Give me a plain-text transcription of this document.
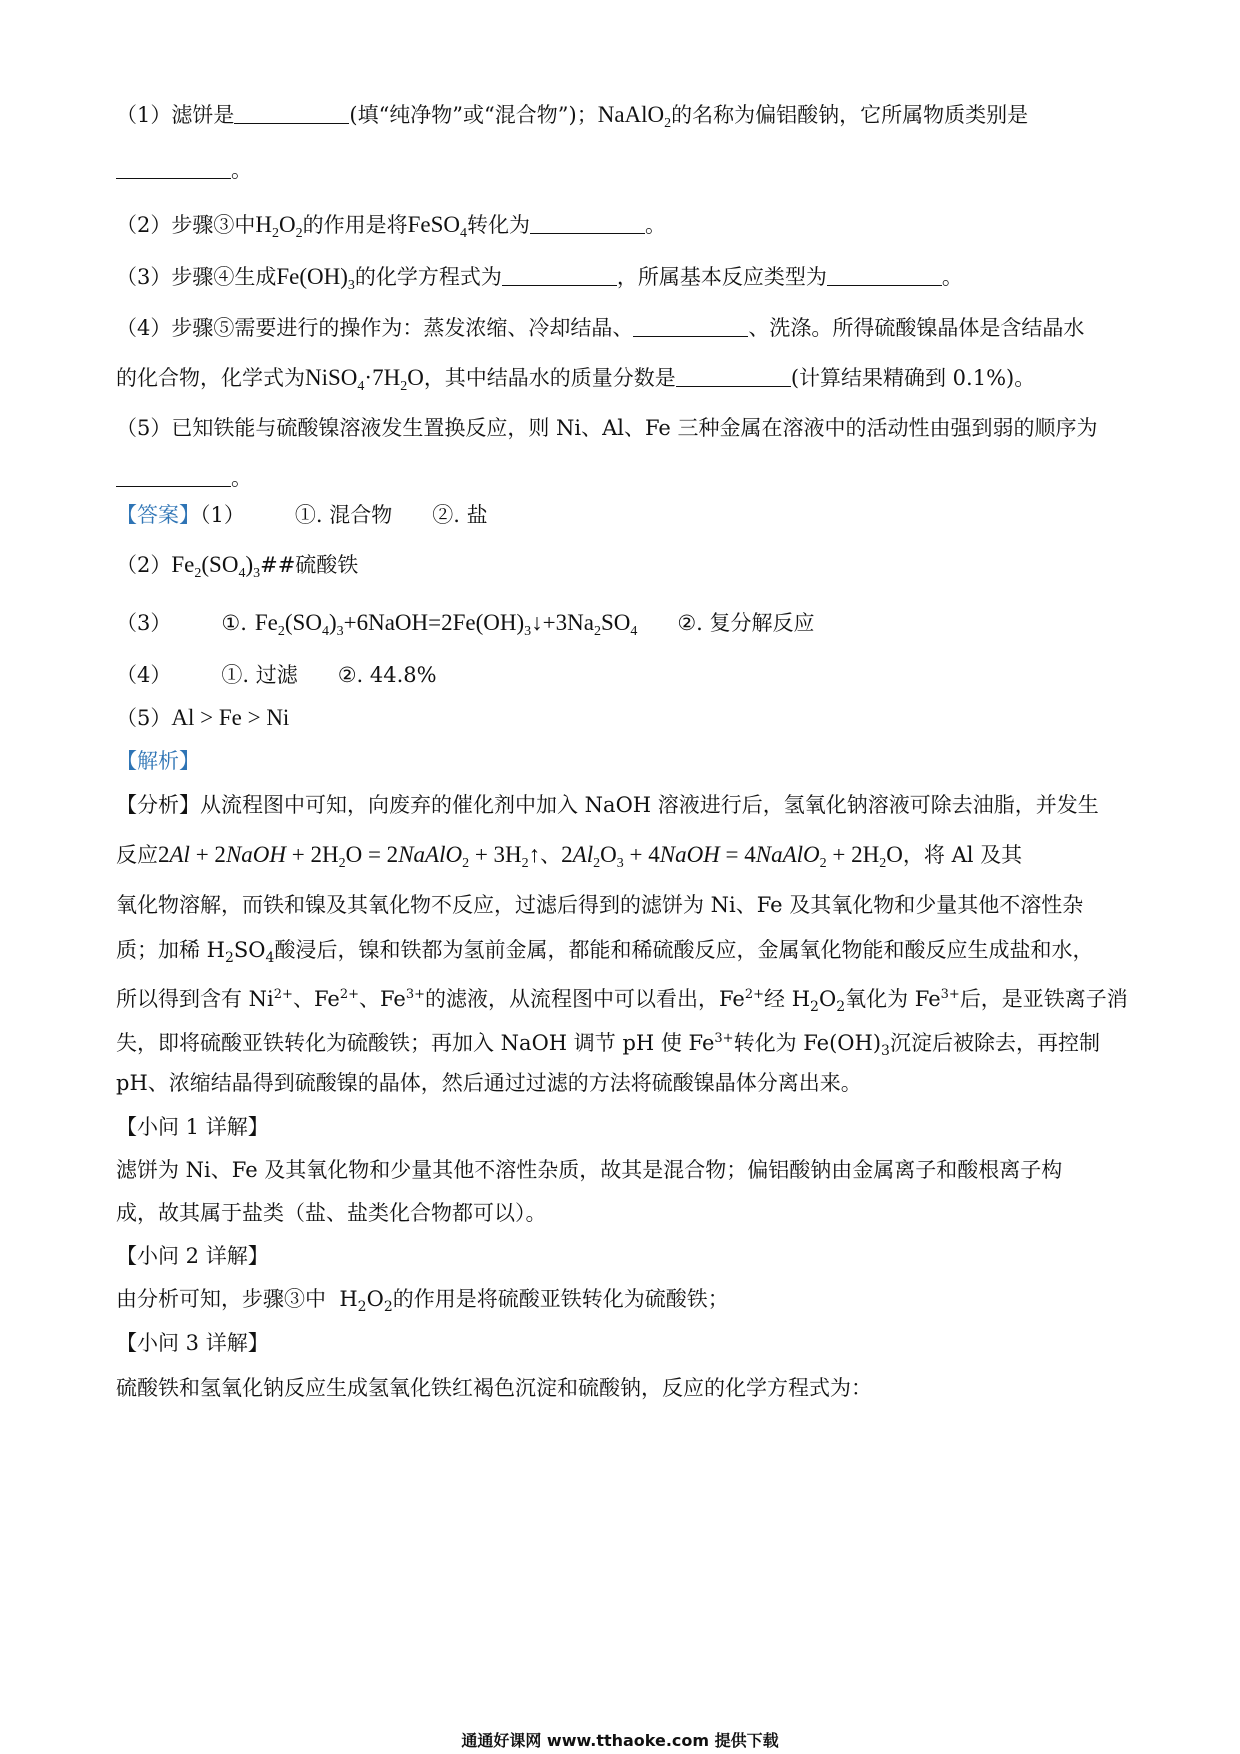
（1）滤饼是	(填“纯净物”或“混合物”)；NaAlO$_2$的名称为偏铝酸钠，它所属物质类别是
。
（2）步骤③中$H_2O_2$的作用是将FeSO$_4$转化为	。
（3）步骤④生成$Fe(OH)_3$的化学方程式为	，所属基本反应类型为	。
（4）步骤⑤需要进行的操作为：蒸发浓缩、冷却结晶、	、洗涤。所得硫酸镍晶体是含结晶水
的化合物，化学式为$NiSO_4\cdot 7H_2O$，其中结晶水的质量分数是	(计算结果精确到 0.1%)。
（5）已知铁能与硫酸镍溶液发生置换反应，则 Ni、Al、Fe 三种金属在溶液中的活动性由强到弱的顺序为
。
【答案】（1） ①. 混合物 ②. 盐
$(2)Fe_2(SO_4)_3\#\#$硫酸铁
（3） ①. $Fe_2(SO_4)_3+6NaOH=2Fe(OH)_3↓+3Na_2SO_4$ ②. 复分解反应
（4） ①. 过滤 ②. 44.8%
（5）Al > Fe > Ni
【解析】
【分析】从流程图中可知，向废弃的催化剂中加入 NaOH 溶液进行后，氢氧化钠溶液可除去油脂，并发生
反应2Al + 2NaOH + $2H_2O$ = 2NaAlO$_2$ + $3H_2↑$、$2Al_2O_3$ + 4NaOH = 4NaAlO$_2$ + $2H_2O$，将 Al 及其
氧化物溶解，而铁和镍及其氧化物不反应，过滤后得到的滤饼为 Ni、Fe 及其氧化物和少量其他不溶性杂
质；加稀 $H_2SO_4$酸浸后，镍和铁都为氢前金属，都能和稀硫酸反应，金属氧化物能和酸反应生成盐和水，
所以得到含有 $Ni^{2+}$、$Fe^{2+}$、$Fe^{3+}$的滤液，从流程图中可以看出，$Fe^{2+}$经 $H_2O_2$氧化为 $Fe^{3+}$后，是亚铁离子消
失，即将硫酸亚铁转化为硫酸铁；再加入 NaOH 调节 pH 使 $Fe^{3+}$转化为 $Fe(OH)_3$沉淀后被除去，再控制
pH、浓缩结晶得到硫酸镍的晶体，然后通过过滤的方法将硫酸镍晶体分离出来。
【小问 1 详解】
滤饼为 Ni、Fe 及其氧化物和少量其他不溶性杂质，故其是混合物；偏铝酸钠由金属离子和酸根离子构
成，故其属于盐类（盐、盐类化合物都可以）。
【小问 2 详解】
由分析可知，步骤③中  $H_2O_2$的作用是将硫酸亚铁转化为硫酸铁；
【小问 3 详解】
硫酸铁和氢氧化钠反应生成氢氧化铁红褐色沉淀和硫酸钠，反应的化学方程式为：
通通好课网 www.tthaoke.com 提供下载
